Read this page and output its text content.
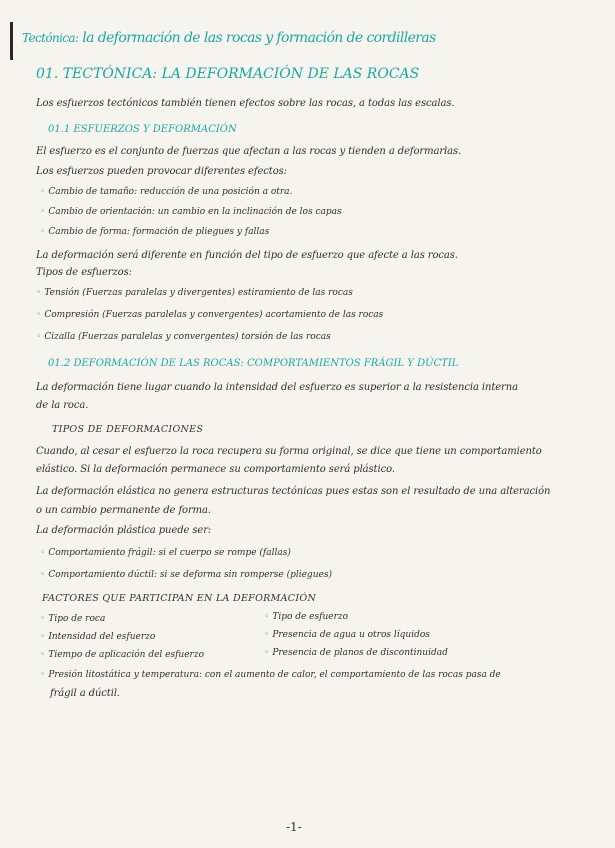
Tectónica: la deformación de las rocas y formación de cordilleras
01. TECTÓNICA: LA DEFORMACIÓN DE LAS ROCAS
Los esfuerzos tectónicos también tienen efectos sobre las rocas, a todas las escalas.
01.1 ESFUERZOS Y DEFORMACIÓN
El esfuerzo es el conjunto de fuerzas que afectan a las rocas y tienden a deformarlas.
Los esfuerzos pueden provocar diferentes efectos:
◦ Cambio de tamaño: reducción de una posición a otra.
◦ Cambio de orientación: un cambio en la inclinación de los capas
◦ Cambio de forma: formación de pliegues y fallas
La deformación será diferente en función del tipo de esfuerzo que afecte a las rocas.
Tipos de esfuerzos:
◦ Tensión (Fuerzas paralelas y divergentes) estiramiento de las rocas
◦ Compresión (Fuerzas paralelas y convergentes) acortamiento de las rocas
◦ Cizalla (Fuerzas paralelas y convergentes) torsión de las rocas
01.2 DEFORMACIÓN DE LAS ROCAS: COMPORTAMIENTOS FRÁGIL Y DÚCTIL
La deformación tiene lugar cuando la intensidad del esfuerzo es superior a la resistencia interna
de la roca.
TIPOS DE DEFORMACIONES
Cuando, al cesar el esfuerzo la roca recupera su forma original, se dice que tiene un comportamiento
elástico. Si la deformación permanece su comportamiento será plástico.
La deformación elástica no genera estructuras tectónicas pues estas son el resultado de una alteración
o un cambio permanente de forma.
La deformación plástica puede ser:
◦ Comportamiento frágil: si el cuerpo se rompe (fallas)
◦ Comportamiento dúctil: si se deforma sin romperse (pliegues)
FACTORES QUE PARTICIPAN EN LA DEFORMACIÓN
◦ Tipo de roca
◦ Intensidad del esfuerzo
◦ Tiempo de aplicación del esfuerzo
◦ Tipo de esfuerzo
◦ Presencia de agua u otros líquidos
◦ Presencia de planos de discontinuidad
◦ Presión litostática y temperatura: con el aumento de calor, el comportamiento de las rocas pasa de
frágil a dúctil.
-1-
